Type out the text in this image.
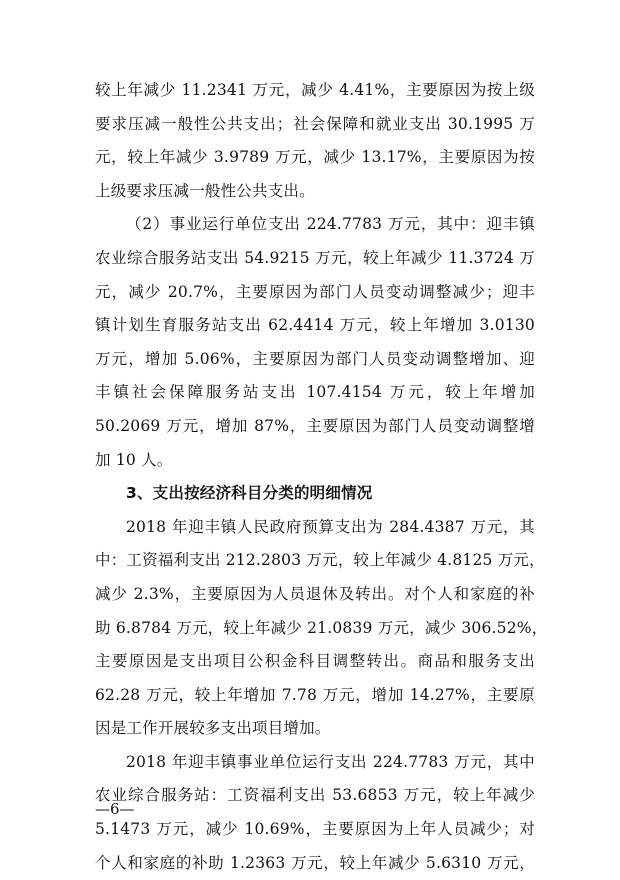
较上年减少 11.2341 万元，减少 4.41%，主要原因为按上级
要求压减一般性公共支出；社会保障和就业支出 30.1995 万
元，较上年减少 3.9789 万元，减少 13.17%，主要原因为按
上级要求压减一般性公共支出。
（2）事业运行单位支出 224.7783 万元，其中：迎丰镇
农业综合服务站支出 54.9215 万元，较上年减少 11.3724 万
元，减少 20.7%，主要原因为部门人员变动调整减少；迎丰
镇计划生育服务站支出 62.4414 万元，较上年增加 3.0130
万元，增加 5.06%，主要原因为部门人员变动调整增加、迎
丰镇社会保障服务站支出 107.4154 万元，较上年增加
50.2069 万元，增加 87%，主要原因为部门人员变动调整增
加 10 人。
3、支出按经济科目分类的明细情况
2018 年迎丰镇人民政府预算支出为 284.4387 万元，其
中：工资福利支出 212.2803 万元，较上年减少 4.8125 万元，
减少 2.3%，主要原因为人员退休及转出。对个人和家庭的补
助 6.8784 万元，较上年减少 21.0839 万元，减少 306.52%，
主要原因是支出项目公积金科目调整转出。商品和服务支出
62.28 万元，较上年增加 7.78 万元，增加 14.27%，主要原
因是工作开展较多支出项目增加。
2018 年迎丰镇事业单位运行支出 224.7783 万元，其中
农业综合服务站：工资福利支出 53.6853 万元，较上年减少
5.1473 万元，减少 10.69%，主要原因为上年人员减少；对
个人和家庭的补助 1.2363 万元，较上年减少 5.6310 万元，
—6—
